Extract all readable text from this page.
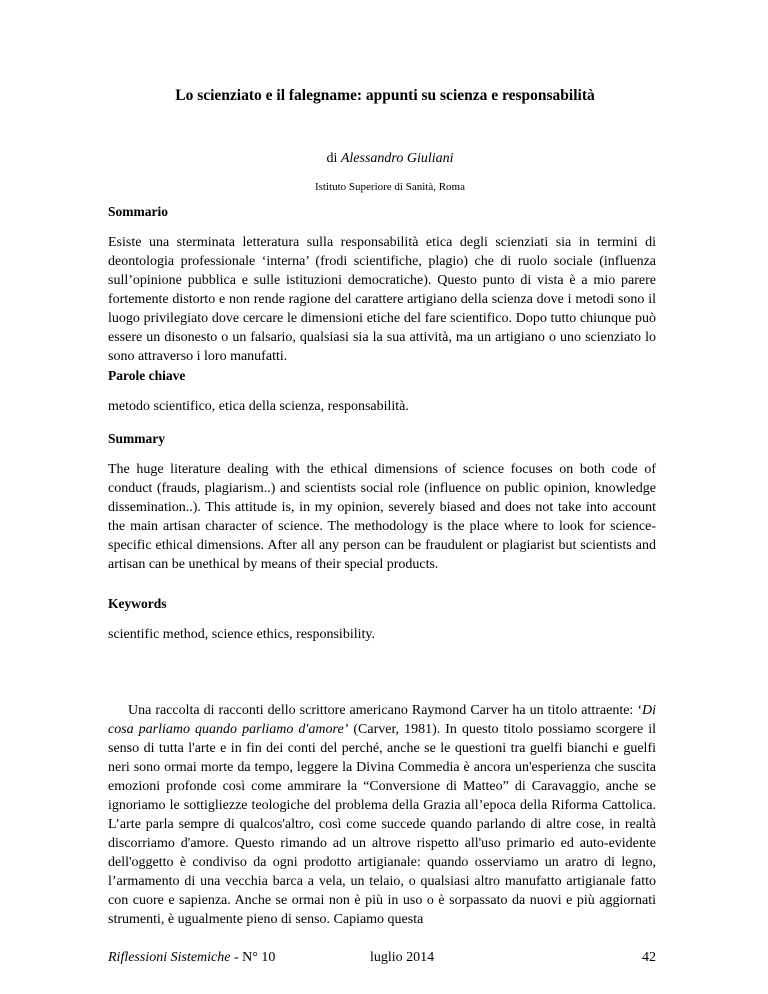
Lo scienziato e il falegname: appunti su scienza e responsabilità
di Alessandro Giuliani
Istituto Superiore di Sanità, Roma
Sommario
Esiste una sterminata letteratura sulla responsabilità etica degli scienziati sia in termini di deontologia professionale ‘interna’ (frodi scientifiche, plagio) che di ruolo sociale (influenza sull’opinione pubblica e sulle istituzioni democratiche). Questo punto di vista è a mio parere fortemente distorto e non rende ragione del carattere artigiano della scienza dove i metodi sono il luogo privilegiato dove cercare le dimensioni etiche del fare scientifico. Dopo tutto chiunque può essere un disonesto o un falsario, qualsiasi sia la sua attività, ma un artigiano o uno scienziato lo sono attraverso i loro manufatti.
Parole chiave
metodo scientifico, etica della scienza, responsabilità.
Summary
The huge literature dealing with the ethical dimensions of science focuses on both code of conduct (frauds, plagiarism..) and scientists social role (influence on public opinion, knowledge dissemination..). This attitude is, in my opinion, severely biased and does not take into account the main artisan character of science. The methodology is the place where to look for science-specific ethical dimensions. After all any person can be fraudulent or plagiarist but scientists and artisan can be unethical by means of their special products.
Keywords
scientific method, science ethics, responsibility.
Una raccolta di racconti dello scrittore americano Raymond Carver ha un titolo attraente: ‘Di cosa parliamo quando parliamo d'amore’ (Carver, 1981). In questo titolo possiamo scorgere il senso di tutta l'arte e in fin dei conti del perché, anche se le questioni tra guelfi bianchi e guelfi neri sono ormai morte da tempo, leggere la Divina Commedia è ancora un'esperienza che suscita emozioni profonde così come ammirare la “Conversione di Matteo” di Caravaggio, anche se ignoriamo le sottigliezze teologiche del problema della Grazia all’epoca della Riforma Cattolica. L’arte parla sempre di qualcos'altro, così come succede quando parlando di altre cose, in realtà discorriamo d'amore. Questo rimando ad un altrove rispetto all'uso primario ed auto-evidente dell'oggetto è condiviso da ogni prodotto artigianale: quando osserviamo un aratro di legno, l’armamento di una vecchia barca a vela, un telaio, o qualsiasi altro manufatto artigianale fatto con cuore e sapienza. Anche se ormai non è più in uso o è sorpassato da nuovi e più aggiornati strumenti, è ugualmente pieno di senso. Capiamo questa
Riflessioni Sistemiche - N° 10	luglio 2014	42
